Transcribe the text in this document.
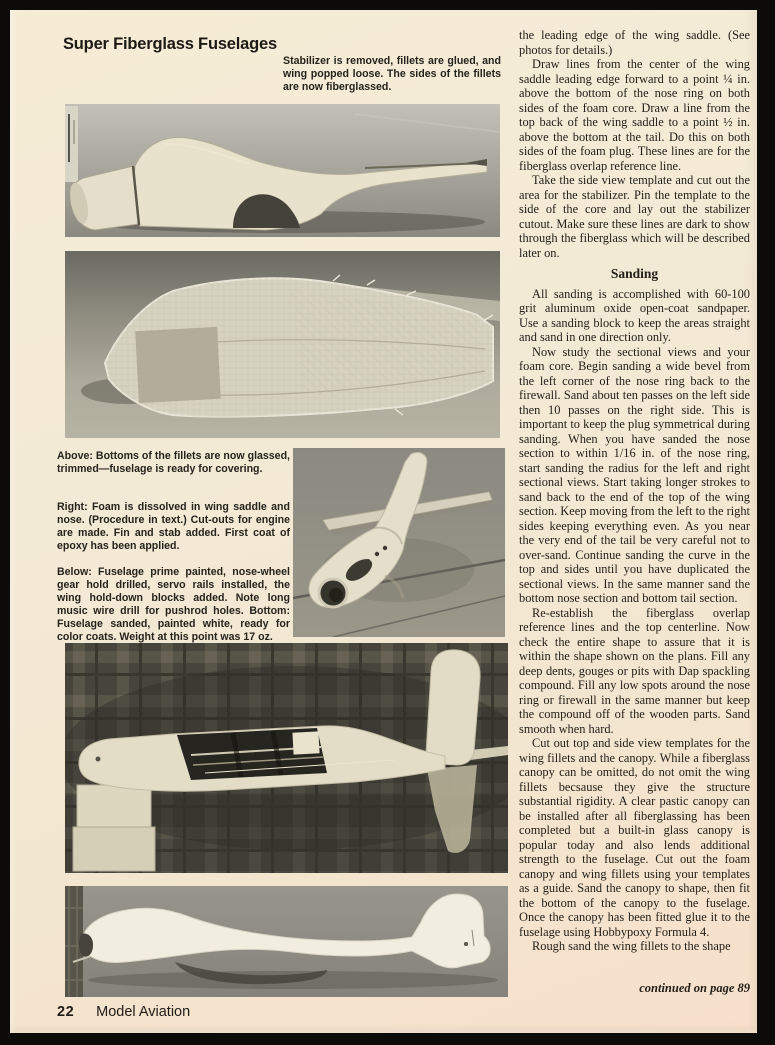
Super Fiberglass Fuselages

Stabilizer is removed, fillets are glued, and wing popped loose. The sides of the fillets are now fiberglassed.

Above: Bottoms of the fillets are now glassed, trimmed—fuselage is ready for covering.

Right: Foam is dissolved in wing saddle and nose. (Procedure in text.) Cut-outs for engine are made. Fin and stab added. First coat of epoxy has been applied.

Below: Fuselage prime painted, nose-wheel gear hold drilled, servo rails installed, the wing hold-down blocks added. Note long music wire drill for pushrod holes. Bottom: Fuselage sanded, painted white, ready for color coats. Weight at this point was 17 oz.

the leading edge of the wing saddle. (See photos for details.)

Draw lines from the center of the wing saddle leading edge forward to a point ¼ in. above the bottom of the nose ring on both sides of the foam core. Draw a line from the top back of the wing saddle to a point ½ in. above the bottom at the tail. Do this on both sides of the foam plug. These lines are for the fiberglass overlap reference line.

Take the side view template and cut out the area for the stabilizer. Pin the template to the side of the core and lay out the stabilizer cutout. Make sure these lines are dark to show through the fiberglass which will be described later on.

Sanding

All sanding is accomplished with 60-100 grit aluminum oxide open-coat sandpaper. Use a sanding block to keep the areas straight and sand in one direction only.

Now study the sectional views and your foam core. Begin sanding a wide bevel from the left corner of the nose ring back to the firewall. Sand about ten passes on the left side then 10 passes on the right side. This is important to keep the plug symmetrical during sanding. When you have sanded the nose section to within 1/16 in. of the nose ring, start sanding the radius for the left and right sectional views. Start taking longer strokes to sand back to the end of the top of the wing section. Keep moving from the left to the right sides keeping everything even. As you near the very end of the tail be very careful not to over-sand. Continue sanding the curve in the top and sides until you have duplicated the sectional views. In the same manner sand the bottom nose section and bottom tail section.

Re-establish the fiberglass overlap reference lines and the top centerline. Now check the entire shape to assure that it is within the shape shown on the plans. Fill any deep dents, gouges or pits with Dap spackling compound. Fill any low spots around the nose ring or firewall in the same manner but keep the compound off of the wooden parts. Sand smooth when hard.

Cut out top and side view templates for the wing fillets and the canopy. While a fiberglass canopy can be omitted, do not omit the wing fillets becsause they give the structure substantial rigidity. A clear pastic canopy can be installed after all fiberglassing has been completed but a built-in glass canopy is popular today and also lends additional strength to the fuselage. Cut out the foam canopy and wing fillets using your templates as a guide. Sand the canopy to shape, then fit the bottom of the canopy to the fuselage. Once the canopy has been fitted glue it to the fuselage using Hobbypoxy Formula 4.

Rough sand the wing fillets to the shape

continued on page 89

22 Model Aviation
